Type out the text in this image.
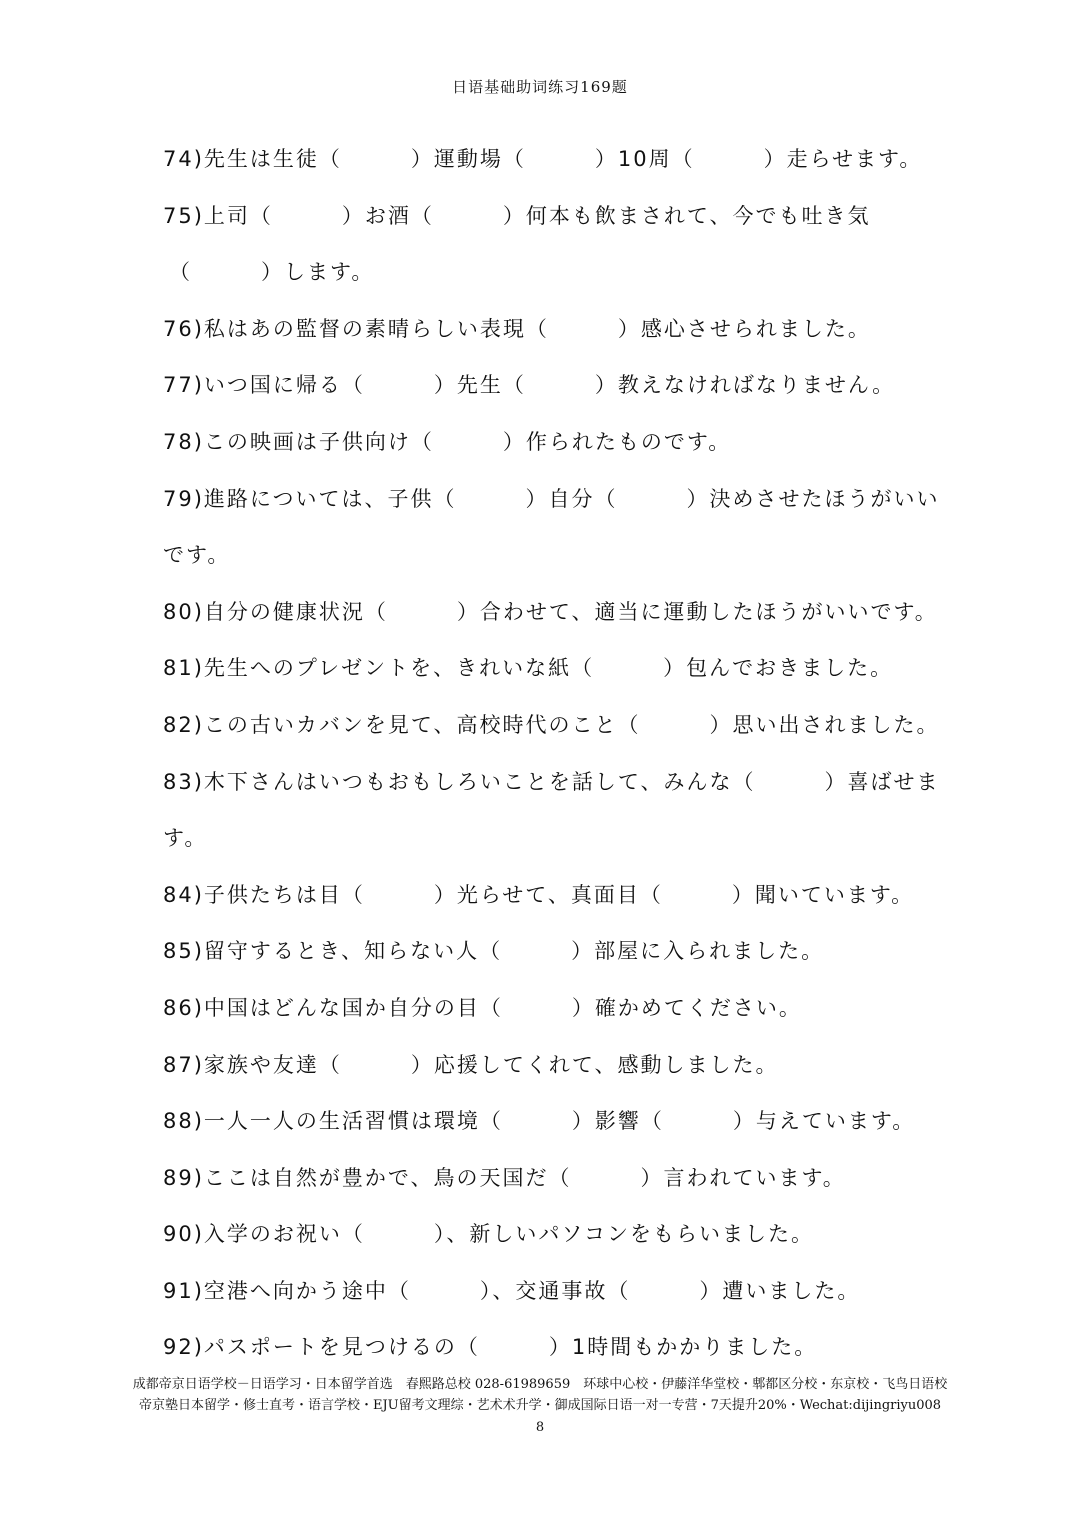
日语基础助词练习169题
74)先生は生徒（　　　）運動場（　　　）10周（　　　）走らせます。
75)上司（　　　）お酒（　　　）何本も飲まされて、今でも吐き気
（　　　）します。
76)私はあの監督の素晴らしい表現（　　　）感心させられました。
77)いつ国に帰る（　　　）先生（　　　）教えなければなりません。
78)この映画は子供向け（　　　）作られたものです。
79)進路については、子供（　　　）自分（　　　）決めさせたほうがいい
です。
80)自分の健康状況（　　　）合わせて、適当に運動したほうがいいです。
81)先生へのプレゼントを、きれいな紙（　　　）包んでおきました。
82)この古いカバンを見て、高校時代のこと（　　　）思い出されました。
83)木下さんはいつもおもしろいことを話して、みんな（　　　）喜ばせま
す。
84)子供たちは目（　　　）光らせて、真面目（　　　）聞いています。
85)留守するとき、知らない人（　　　）部屋に入られました。
86)中国はどんな国か自分の目（　　　）確かめてください。
87)家族や友達（　　　）応援してくれて、感動しました。
88)一人一人の生活習慣は環境（　　　）影響（　　　）与えています。
89)ここは自然が豊かで、鳥の天国だ（　　　）言われています。
90)入学のお祝い（　　　）、新しいパソコンをもらいました。
91)空港へ向かう途中（　　　）、交通事故（　　　）遭いました。
92)パスポートを見つけるの（　　　）1時間もかかりました。
成都帝京日语学校－日语学习・日本留学首选　春熙路总校 028-61989659　环球中心校・伊藤洋华堂校・郫都区分校・东京校・飞鸟日语校
帝京塾日本留学・修士直考・语言学校・EJU留考文理综・艺术术升学・御成国际日语一对一专营・7天提升20%・Wechat:dijingriyu008
8
